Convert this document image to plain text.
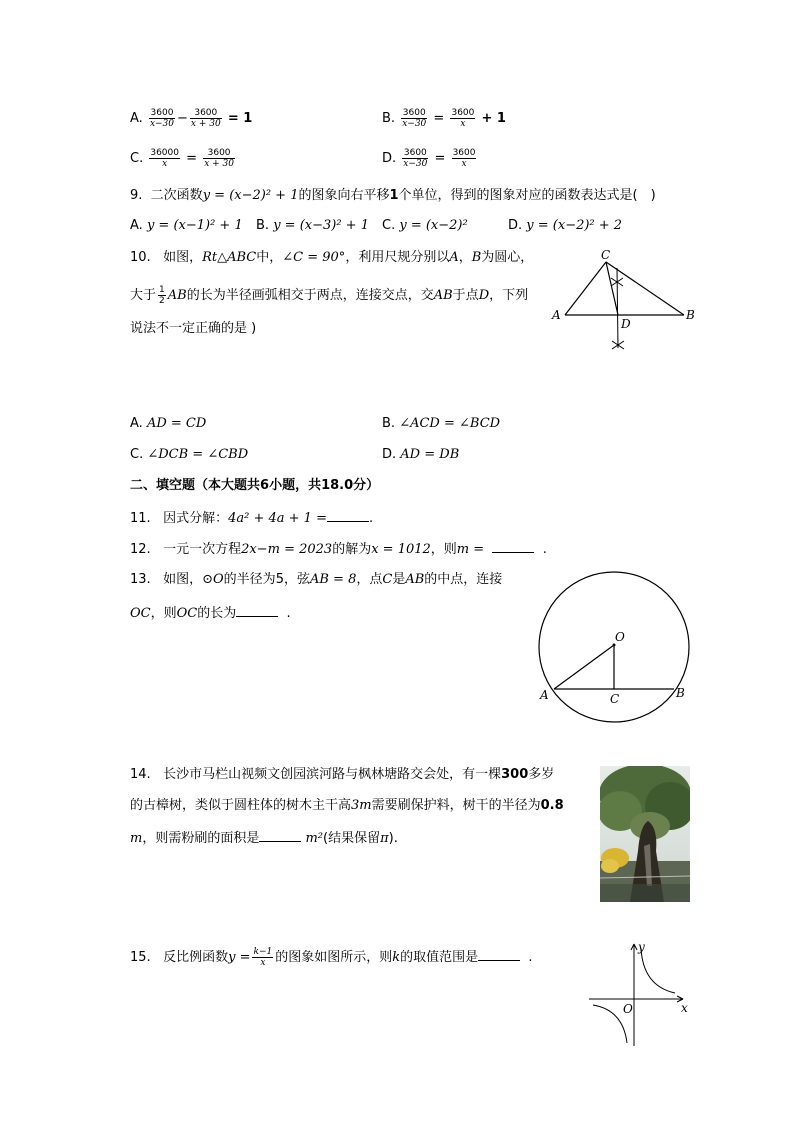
A. $\frac{3600}{x-30} - \frac{3600}{x + 30} = 1$	B. $\frac{3600}{x-30} = \frac{3600}{x} + 1$
C. $\frac{36000}{x} = \frac{3600}{x + 30}$	D. $\frac{3600}{x-30} = \frac{3600}{x}$
9. 二次函数y = (x−2)² + 1的图象向右平移1个单位，得到的图象对应的函数表达式是(　)
A. y = (x−1)² + 1 B. y = (x−3)² + 1 C. y = (x−2)²	D. y = (x−2)² + 2
10. 如图，Rt△ABC中，∠C = 90°，利用尺规分别以A，B为圆心，
大于 $\frac{1}{2}$ AB的长为半径画弧相交于两点，连接交点，交AB于点D，下列
说法不一定正确的是 )
A	B
C
D
A. AD = CD	B. ∠ACD = ∠BCD
C. ∠DCB = ∠CBD	D. AD = DB
二、填空题（本大题共6小题，共18.0分）
11. 因式分解：4a² + 4a + 1 =	.
12. 一元一次方程2x−m = 2023的解为x = 1012，则m =	.
13. 如图，⊙O的半径为5，弦AB = 8，点C是AB的中点，连接
OC，则OC的长为	.
O
A	B
C
14. 长沙市马栏山视频文创园滨河路与枫林塘路交会处，有一棵300多岁
的古樟树，类似于圆柱体的树木主干高3m需要刷保护料，树干的半径为0.8
m，则需粉刷的面积是	m²(结果保留π).
15. 反比例函数$y = \frac{k-1}{x}$ 的图象如图所示，则k的取值范围是	.
y
x
O
